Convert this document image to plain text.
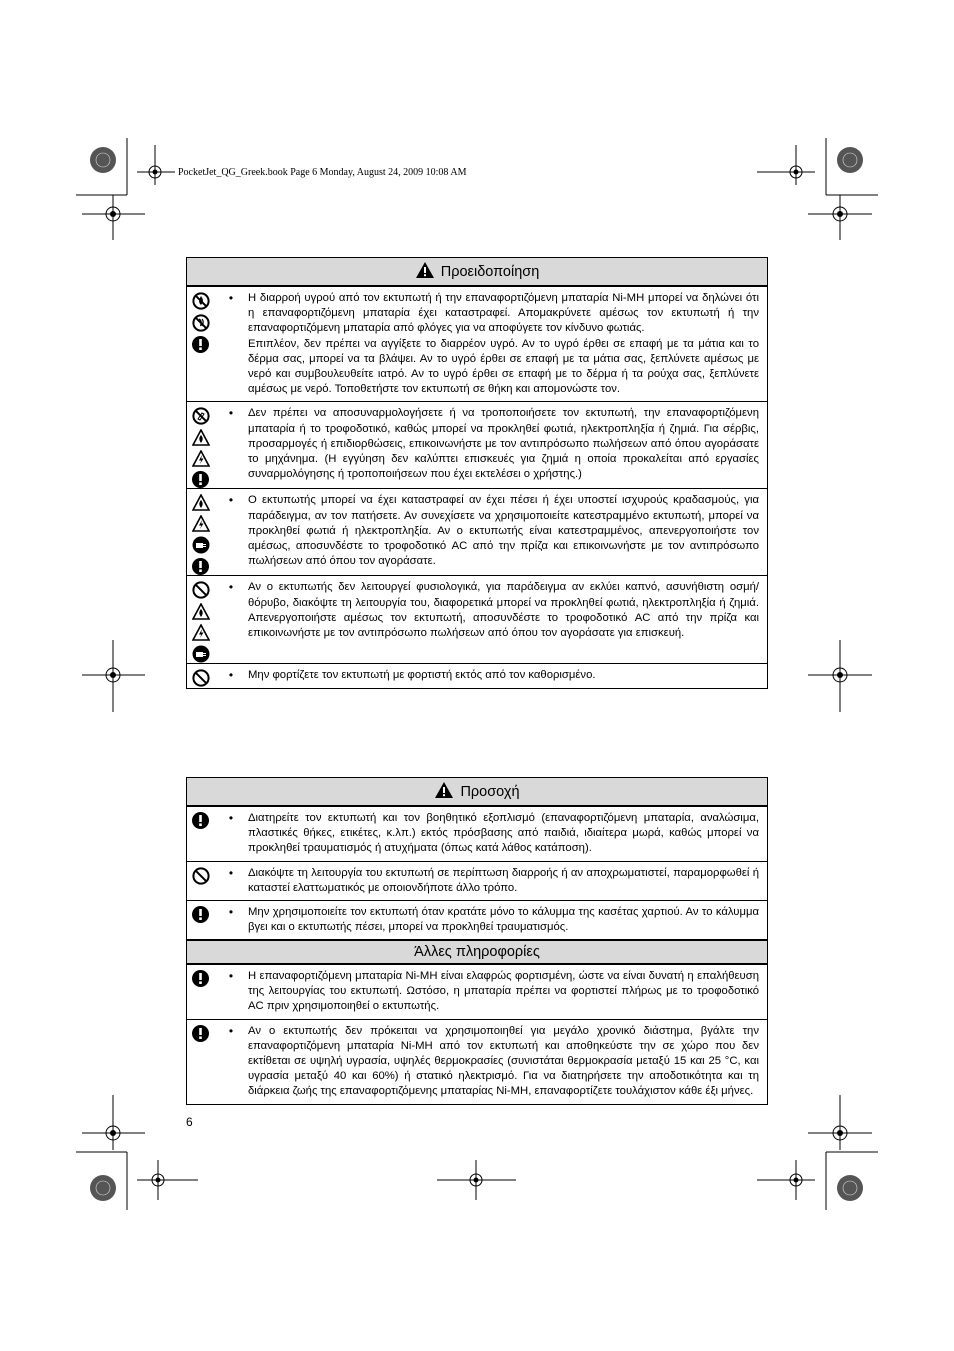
PocketJet_QG_Greek.book Page 6 Monday, August 24, 2009 10:08 AM
Προειδοποίηση
•	Η διαρροή υγρού από τον εκτυπωτή ή την επαναφορτιζόμενη μπαταρία Ni-MH μπορεί να δηλώνει ότι η επαναφορτιζόμενη μπαταρία έχει καταστραφεί. Απομακρύνετε αμέσως τον εκτυπωτή ή την επαναφορτιζόμενη μπαταρία από φλόγες για να αποφύγετε τον κίνδυνο φωτιάς.

Επιπλέον, δεν πρέπει να αγγίξετε το διαρρέον υγρό. Αν το υγρό έρθει σε επαφή με τα μάτια και το δέρμα σας, μπορεί να τα βλάψει. Αν το υγρό έρθει σε επαφή με τα μάτια σας, ξεπλύνετε αμέσως με νερό και συμβουλευθείτε ιατρό. Αν το υγρό έρθει σε επαφή με το δέρμα ή τα ρούχα σας, ξεπλύνετε αμέσως με νερό. Τοποθετήστε τον εκτυπωτή σε θήκη και απομονώστε τον.

•	Δεν πρέπει να αποσυναρμολογήσετε ή να τροποποιήσετε τον εκτυπωτή, την επαναφορτιζόμενη μπαταρία ή το τροφοδοτικό, καθώς μπορεί να προκληθεί φωτιά, ηλεκτροπληξία ή ζημιά. Για σέρβις, προσαρμογές ή επιδιορθώσεις, επικοινωνήστε με τον αντιπρόσωπο πωλήσεων από όπου αγοράσατε το μηχάνημα. (Η εγγύηση δεν καλύπτει επισκευές για ζημιά η οποία προκαλείται από εργασίες συναρμολόγησης ή τροποποιήσεων που έχει εκτελέσει ο χρήστης.)

•	Ο εκτυπωτής μπορεί να έχει καταστραφεί αν έχει πέσει ή έχει υποστεί ισχυρούς κραδασμούς, για παράδειγμα, αν τον πατήσετε. Αν συνεχίσετε να χρησιμοποιείτε κατεστραμμένο εκτυπωτή, μπορεί να προκληθεί φωτιά ή ηλεκτροπληξία. Αν ο εκτυπωτής είναι κατεστραμμένος, απενεργοποιήστε τον αμέσως, αποσυνδέστε το τροφοδοτικό AC από την πρίζα και επικοινωνήστε με τον αντιπρόσωπο πωλήσεων από όπου τον αγοράσατε.

•	Αν ο εκτυπωτής δεν λειτουργεί φυσιολογικά, για παράδειγμα αν εκλύει καπνό, ασυνήθιστη οσμή/θόρυβο, διακόψτε τη λειτουργία του, διαφορετικά μπορεί να προκληθεί φωτιά, ηλεκτροπληξία ή ζημιά. Απενεργοποιήστε αμέσως τον εκτυπωτή, αποσυνδέστε το τροφοδοτικό AC από την πρίζα και επικοινωνήστε με τον αντιπρόσωπο πωλήσεων από όπου τον αγοράσατε για επισκευή.

•	Μην φορτίζετε τον εκτυπωτή με φορτιστή εκτός από τον καθορισμένο.

Προσοχή
•	Διατηρείτε τον εκτυπωτή και τον βοηθητικό εξοπλισμό (επαναφορτιζόμενη μπαταρία, αναλώσιμα, πλαστικές θήκες, ετικέτες, κ.λπ.) εκτός πρόσβασης από παιδιά, ιδιαίτερα μωρά, καθώς μπορεί να προκληθεί τραυματισμός ή ατυχήματα (όπως κατά λάθος κατάποση).

•	Διακόψτε τη λειτουργία του εκτυπωτή σε περίπτωση διαρροής ή αν αποχρωματιστεί, παραμορφωθεί ή καταστεί ελαττωματικός με οποιονδήποτε άλλο τρόπο.

•	Μην χρησιμοποιείτε τον εκτυπωτή όταν κρατάτε μόνο το κάλυμμα της κασέτας χαρτιού. Αν το κάλυμμα βγει και ο εκτυπωτής πέσει, μπορεί να προκληθεί τραυματισμός.

Άλλες πληροφορίες
•	Η επαναφορτιζόμενη μπαταρία Ni-MH είναι ελαφρώς φορτισμένη, ώστε να είναι δυνατή η επαλήθευση της λειτουργίας του εκτυπωτή. Ωστόσο, η μπαταρία πρέπει να φορτιστεί πλήρως με το τροφοδοτικό AC πριν χρησιμοποιηθεί ο εκτυπωτής.

•	Αν ο εκτυπωτής δεν πρόκειται να χρησιμοποιηθεί για μεγάλο χρονικό διάστημα, βγάλτε την επαναφορτιζόμενη μπαταρία Ni-MH από τον εκτυπωτή και αποθηκεύστε την σε χώρο που δεν εκτίθεται σε υψηλή υγρασία, υψηλές θερμοκρασίες (συνιστάται θερμοκρασία μεταξύ 15 και 25 °C, και υγρασία μεταξύ 40 και 60%) ή στατικό ηλεκτρισμό. Για να διατηρήσετε την αποδοτικότητα και τη διάρκεια ζωής της επαναφορτιζόμενης μπαταρίας Ni-MH, επαναφορτίζετε τουλάχιστον κάθε έξι μήνες.

6
